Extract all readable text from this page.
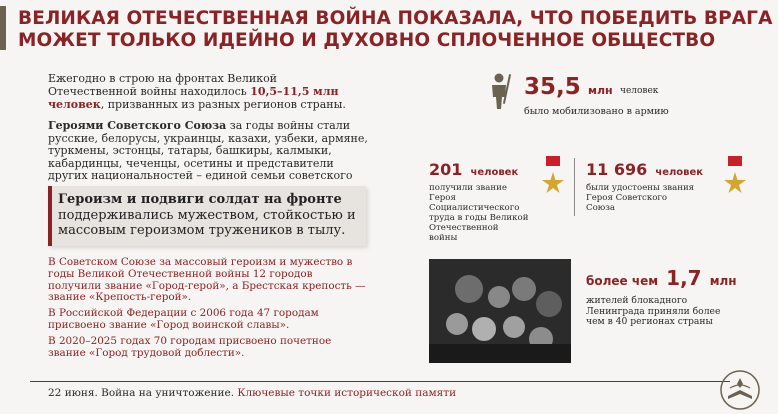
ВЕЛИКАЯ ОТЕЧЕСТВЕННАЯ ВОЙНА ПОКАЗАЛА, ЧТО ПОБЕДИТЬ ВРАГА
МОЖЕТ ТОЛЬКО ИДЕЙНО И ДУХОВНО СПЛОЧЕННОЕ ОБЩЕСТВО
Ежегодно в строю на фронтах Великой Отечественной войны находилось 10,5–11,5 млн человек, призванных из разных регионов страны.
Героями Советского Союза за годы войны стали русские, белорусы, украинцы, казахи, узбеки, армяне, туркмены, эстонцы, татары, башкиры, калмыки, кабардинцы, чеченцы, осетины и представители других национальностей – единой семьи советского
Героизм и подвиги солдат на фронте поддерживались мужеством, стойкостью и массовым героизмом тружеников в тылу.
В Советском Союзе за массовый героизм и мужество в годы Великой Отечественной войны 12 городов получили звание «Город-герой», а Брестская крепость — звание «Крепость-герой».
В Российской Федерации с 2006 года 47 городам присвоено звание «Город воинской славы».
В 2020–2025 годах 70 городам присвоено почетное звание «Город трудовой доблести».
35,5 млн человек
было мобилизовано в армию
201 человек
получили звание Героя Социалистического труда в годы Великой Отечественной войны
11 696 человек
были удостоены звания Героя Советского Союза
более чем 1,7 млн
жителей блокадного Ленинграда приняли более чем в 40 регионах страны
22 июня. Война на уничтожение. Ключевые точки исторической памяти
